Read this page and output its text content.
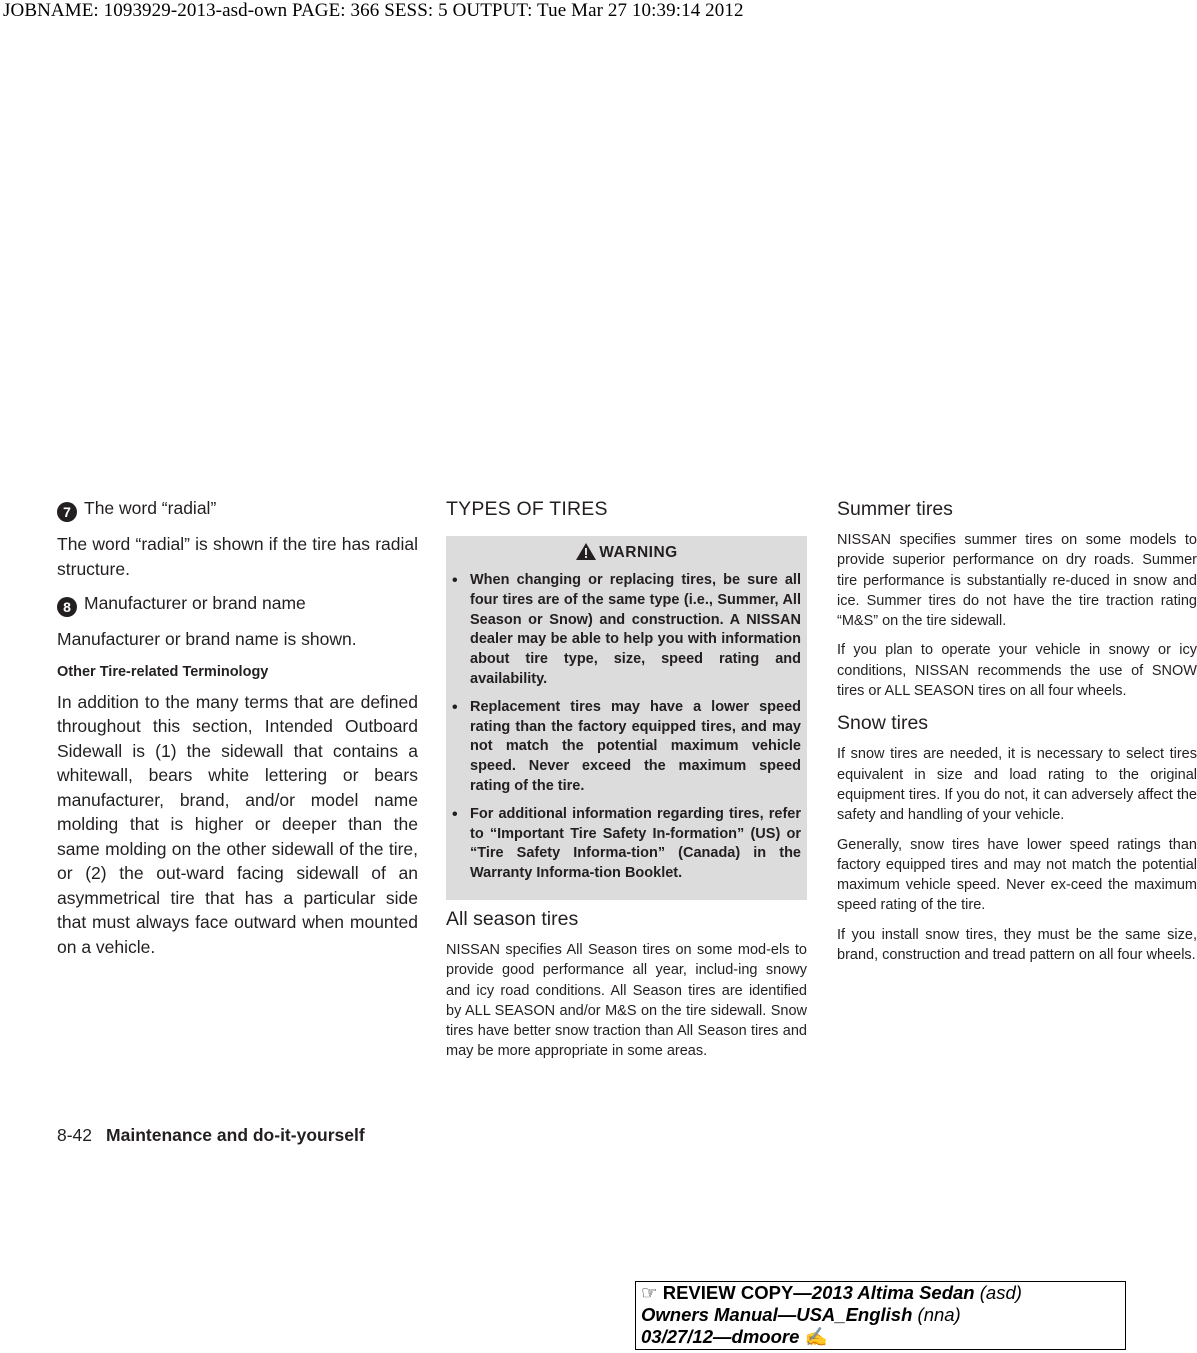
JOBNAME: 1093929-2013-asd-own PAGE: 366 SESS: 5 OUTPUT: Tue Mar 27 10:39:14 2012
7 The word “radial”

The word “radial” is shown if the tire has radial structure.

8 Manufacturer or brand name

Manufacturer or brand name is shown.

Other Tire-related Terminology

In addition to the many terms that are defined throughout this section, Intended Outboard Sidewall is (1) the sidewall that contains a whitewall, bears white lettering or bears manufacturer, brand, and/or model name molding that is higher or deeper than the same molding on the other sidewall of the tire, or (2) the out-ward facing sidewall of an asymmetrical tire that has a particular side that must always face outward when mounted on a vehicle.

TYPES OF TIRES
WARNING
• When changing or replacing tires, be sure all four tires are of the same type (i.e., Summer, All Season or Snow) and construction. A NISSAN dealer may be able to help you with information about tire type, size, speed rating and availability.
• Replacement tires may have a lower speed rating than the factory equipped tires, and may not match the potential maximum vehicle speed. Never exceed the maximum speed rating of the tire.
• For additional information regarding tires, refer to “Important Tire Safety In-formation” (US) or “Tire Safety Informa-tion” (Canada) in the Warranty Informa-tion Booklet.
All season tires

NISSAN specifies All Season tires on some mod-els to provide good performance all year, includ-ing snowy and icy road conditions. All Season tires are identified by ALL SEASON and/or M&S on the tire sidewall. Snow tires have better snow traction than All Season tires and may be more appropriate in some areas.

Summer tires

NISSAN specifies summer tires on some models to provide superior performance on dry roads. Summer tire performance is substantially re-duced in snow and ice. Summer tires do not have the tire traction rating “M&S” on the tire sidewall.

If you plan to operate your vehicle in snowy or icy conditions, NISSAN recommends the use of SNOW tires or ALL SEASON tires on all four wheels.

Snow tires

If snow tires are needed, it is necessary to select tires equivalent in size and load rating to the original equipment tires. If you do not, it can adversely affect the safety and handling of your vehicle.

Generally, snow tires have lower speed ratings than factory equipped tires and may not match the potential maximum vehicle speed. Never ex-ceed the maximum speed rating of the tire.

If you install snow tires, they must be the same size, brand, construction and tread pattern on all four wheels.

8-42 Maintenance and do-it-yourself
☞ REVIEW COPY—2013 Altima Sedan (asd)
Owners Manual—USA_English (nna)
03/27/12—dmoore ✍
